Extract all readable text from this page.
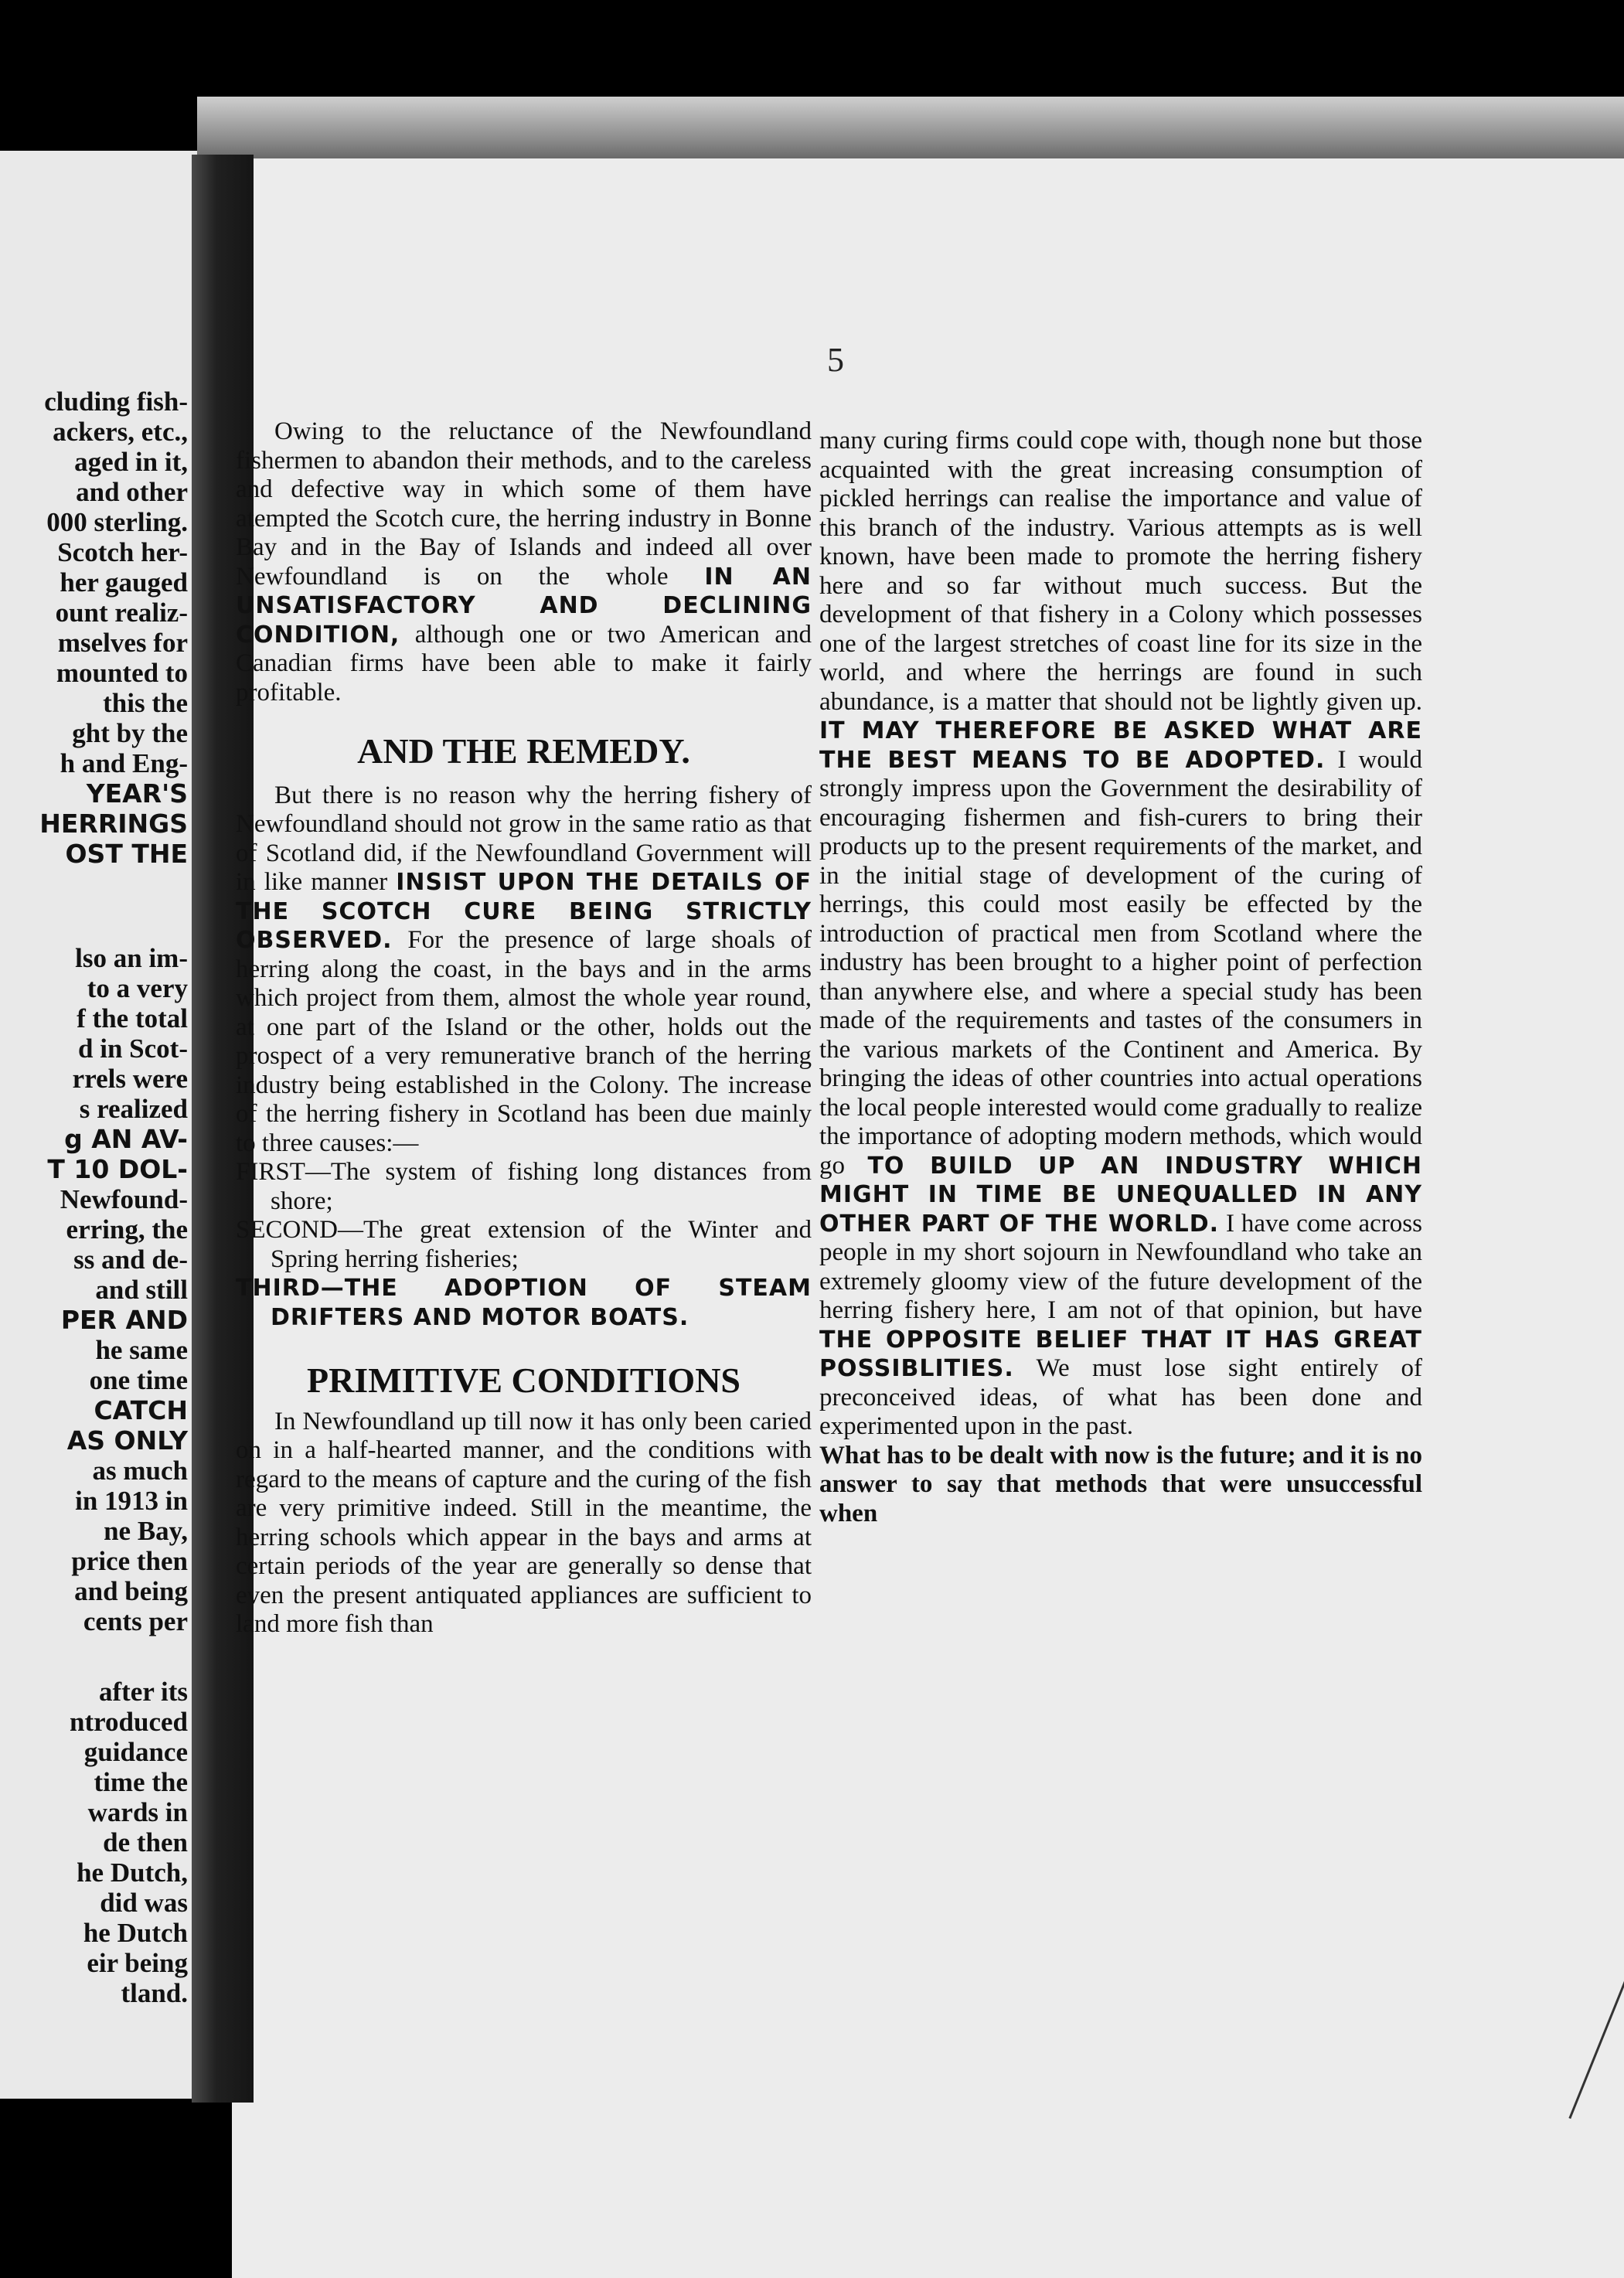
cluding fish-
ackers, etc.,
aged in it,
and other
000 sterling.
Scotch her-
her gauged
ount realiz-
mselves for
mounted to
this the
ght by the
h and Eng-
YEAR'S
HERRINGS
OST THE
lso an im-
to a very
f the total
d in Scot-
rrels were
s realized
g AN AV-
T 10 DOL-
Newfound-
erring, the
ss and de-
and still
PER AND
he same
one time
CATCH
AS ONLY
as much
in 1913 in
ne Bay,
price then
and being
cents per
after its
ntroduced
guidance
time the
wards in
de then
he Dutch,
did was
he Dutch
eir being
tland.
5

Owing to the reluctance of the Newfoundland fishermen to abandon their methods, and to the careless and defective way in which some of them have atempted the Scotch cure, the herring industry in Bonne Bay and in the Bay of Islands and indeed all over Newfoundland is on the whole IN AN UNSATISFACTORY AND DECLINING CONDITION, although one or two American and Canadian firms have been able to make it fairly profitable.

AND THE REMEDY.

But there is no reason why the herring fishery of Newfoundland should not grow in the same ratio as that of Scotland did, if the Newfoundland Government will in like manner INSIST UPON THE DETAILS OF THE SCOTCH CURE BEING STRICTLY OBSERVED. For the presence of large shoals of herring along the coast, in the bays and in the arms which project from them, almost the whole year round, at one part of the Island or the other, holds out the prospect of a very remunerative branch of the herring industry being established in the Colony. The increase of the herring fishery in Scotland has been due mainly to three causes:—

FIRST—The system of fishing long distances from shore;

SECOND—The great extension of the Winter and Spring herring fisheries;

THIRD—THE ADOPTION OF STEAM DRIFTERS AND MOTOR BOATS.

PRIMITIVE CONDITIONS

In Newfoundland up till now it has only been caried on in a half-hearted manner, and the conditions with regard to the means of capture and the curing of the fish are very primitive indeed. Still in the meantime, the herring schools which appear in the bays and arms at certain periods of the year are generally so dense that even the present antiquated appliances are sufficient to land more fish than

many curing firms could cope with, though none but those acquainted with the great increasing consumption of pickled herrings can realise the importance and value of this branch of the industry. Various attempts as is well known, have been made to promote the herring fishery here and so far without much success. But the development of that fishery in a Colony which possesses one of the largest stretches of coast line for its size in the world, and where the herrings are found in such abundance, is a matter that should not be lightly given up. IT MAY THEREFORE BE ASKED WHAT ARE THE BEST MEANS TO BE ADOPTED. I would strongly impress upon the Government the desirability of encouraging fishermen and fish-curers to bring their products up to the present requirements of the market, and in the initial stage of development of the curing of herrings, this could most easily be effected by the introduction of practical men from Scotland where the industry has been brought to a higher point of perfection than anywhere else, and where a special study has been made of the requirements and tastes of the consumers in the various markets of the Continent and America. By bringing the ideas of other countries into actual operations the local people interested would come gradually to realize the importance of adopting modern methods, which would go TO BUILD UP AN INDUSTRY WHICH MIGHT IN TIME BE UNEQUALLED IN ANY OTHER PART OF THE WORLD. I have come across people in my short sojourn in Newfoundland who take an extremely gloomy view of the future development of the herring fishery here, I am not of that opinion, but have THE OPPOSITE BELIEF THAT IT HAS GREAT POSSIBLITIES. We must lose sight entirely of preconceived ideas, of what has been done and experimented upon in the past.

What has to be dealt with now is the future; and it is no answer to say that methods that were unsuccessful when
